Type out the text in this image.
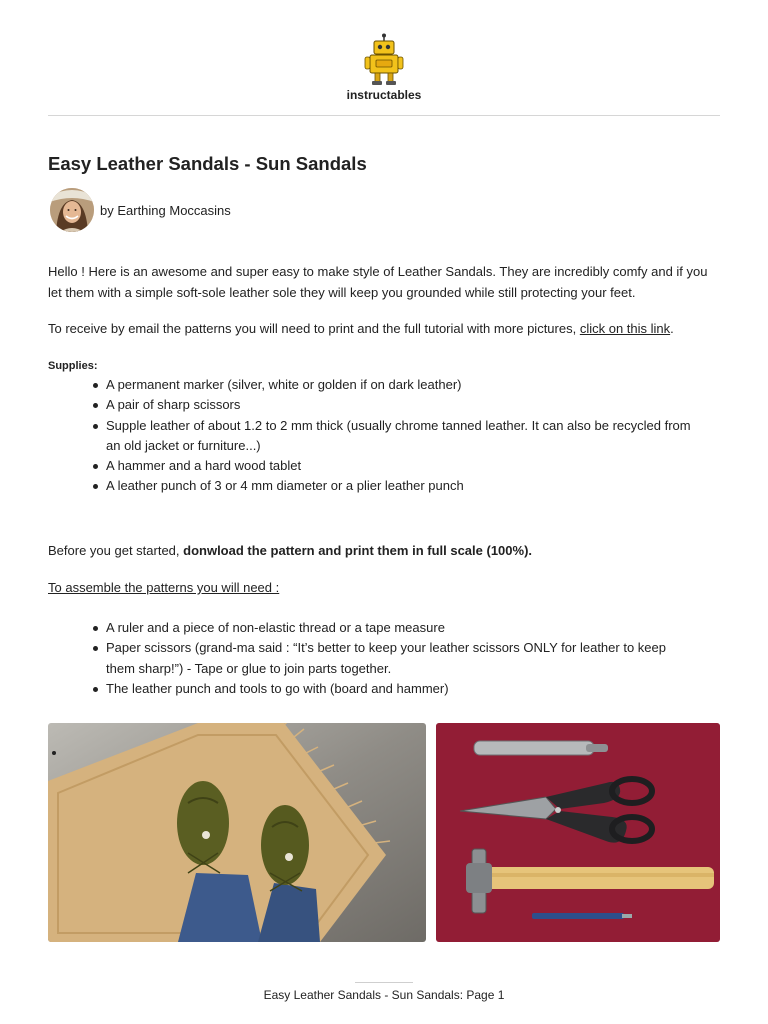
instructables
Easy Leather Sandals - Sun Sandals
by Earthing Moccasins

Hello ! Here is an awesome and super easy to make style of Leather Sandals. They are incredibly comfy and if you let them with a simple soft-sole leather sole they will keep you grounded while still protecting your feet.

To receive by email the patterns you will need to print and the full tutorial with more pictures, click on this link.

Supplies:
A permanent marker (silver, white or golden if on dark leather)
A pair of sharp scissors
Supple leather of about 1.2 to 2 mm thick (usually chrome tanned leather. It can also be recycled from an old jacket or furniture...)
A hammer and a hard wood tablet
A leather punch of 3 or 4 mm diameter or a plier leather punch

Before you get started, donwload the pattern and print them in full scale (100%).

To assemble the patterns you will need :

A ruler and a piece of non-elastic thread or a tape measure
Paper scissors (grand-ma said : “It’s better to keep your leather scissors ONLY for leather to keep them sharp!”) - Tape or glue to join parts together.
The leather punch and tools to go with (board and hammer)
Easy Leather Sandals - Sun Sandals: Page 1
